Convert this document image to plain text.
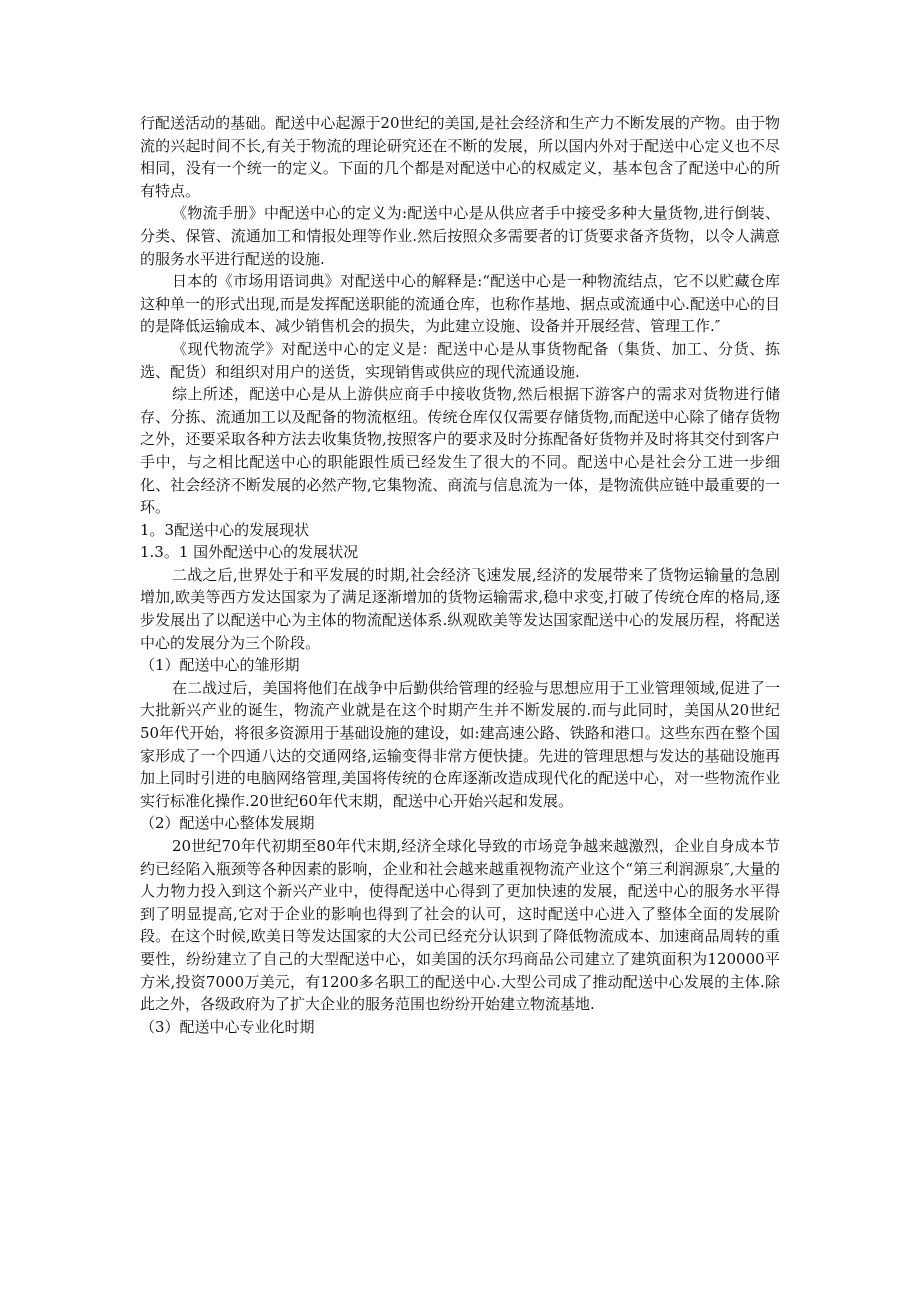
行配送活动的基础。配送中心起源于20世纪的美国,是社会经济和生产力不断发展的产物。由于物流的兴起时间不长,有关于物流的理论研究还在不断的发展，所以国内外对于配送中心定义也不尽相同，没有一个统一的定义。下面的几个都是对配送中心的权威定义，基本包含了配送中心的所有特点。

《物流手册》中配送中心的定义为:配送中心是从供应者手中接受多种大量货物,进行倒装、分类、保管、流通加工和情报处理等作业.然后按照众多需要者的订货要求备齐货物，以令人满意的服务水平进行配送的设施.

日本的《市场用语词典》对配送中心的解释是:“配送中心是一种物流结点，它不以贮藏仓库这种单一的形式出现,而是发挥配送职能的流通仓库，也称作基地、据点或流通中心.配送中心的目的是降低运输成本、减少销售机会的损失，为此建立设施、设备并开展经营、管理工作.″

《现代物流学》对配送中心的定义是：配送中心是从事货物配备（集货、加工、分货、拣选、配货）和组织对用户的送货，实现销售或供应的现代流通设施.

综上所述，配送中心是从上游供应商手中接收货物,然后根据下游客户的需求对货物进行储存、分拣、流通加工以及配备的物流枢纽。传统仓库仅仅需要存储货物,而配送中心除了储存货物之外，还要采取各种方法去收集货物,按照客户的要求及时分拣配备好货物并及时将其交付到客户手中，与之相比配送中心的职能跟性质已经发生了很大的不同。配送中心是社会分工进一步细化、社会经济不断发展的必然产物,它集物流、商流与信息流为一体，是物流供应链中最重要的一环。

1。3配送中心的发展现状

1.3。1 国外配送中心的发展状况

二战之后,世界处于和平发展的时期,社会经济飞速发展,经济的发展带来了货物运输量的急剧增加,欧美等西方发达国家为了满足逐渐增加的货物运输需求,稳中求变,打破了传统仓库的格局,逐步发展出了以配送中心为主体的物流配送体系.纵观欧美等发达国家配送中心的发展历程，将配送中心的发展分为三个阶段。

（1）配送中心的雏形期

在二战过后，美国将他们在战争中后勤供给管理的经验与思想应用于工业管理领域,促进了一大批新兴产业的诞生，物流产业就是在这个时期产生并不断发展的.而与此同时，美国从20世纪50年代开始，将很多资源用于基础设施的建设，如:建高速公路、铁路和港口。这些东西在整个国家形成了一个四通八达的交通网络,运输变得非常方便快捷。先进的管理思想与发达的基础设施再加上同时引进的电脑网络管理,美国将传统的仓库逐渐改造成现代化的配送中心，对一些物流作业实行标准化操作.20世纪60年代末期，配送中心开始兴起和发展。

（2）配送中心整体发展期

20世纪70年代初期至80年代末期,经济全球化导致的市场竞争越来越激烈，企业自身成本节约已经陷入瓶颈等各种因素的影响，企业和社会越来越重视物流产业这个“第三利润源泉″,大量的人力物力投入到这个新兴产业中，使得配送中心得到了更加快速的发展，配送中心的服务水平得到了明显提高,它对于企业的影响也得到了社会的认可，这时配送中心进入了整体全面的发展阶段。在这个时候,欧美日等发达国家的大公司已经充分认识到了降低物流成本、加速商品周转的重要性，纷纷建立了自己的大型配送中心，如美国的沃尔玛商品公司建立了建筑面积为120000平方米,投资7000万美元，有1200多名职工的配送中心.大型公司成了推动配送中心发展的主体.除此之外，各级政府为了扩大企业的服务范围也纷纷开始建立物流基地.

（3）配送中心专业化时期
